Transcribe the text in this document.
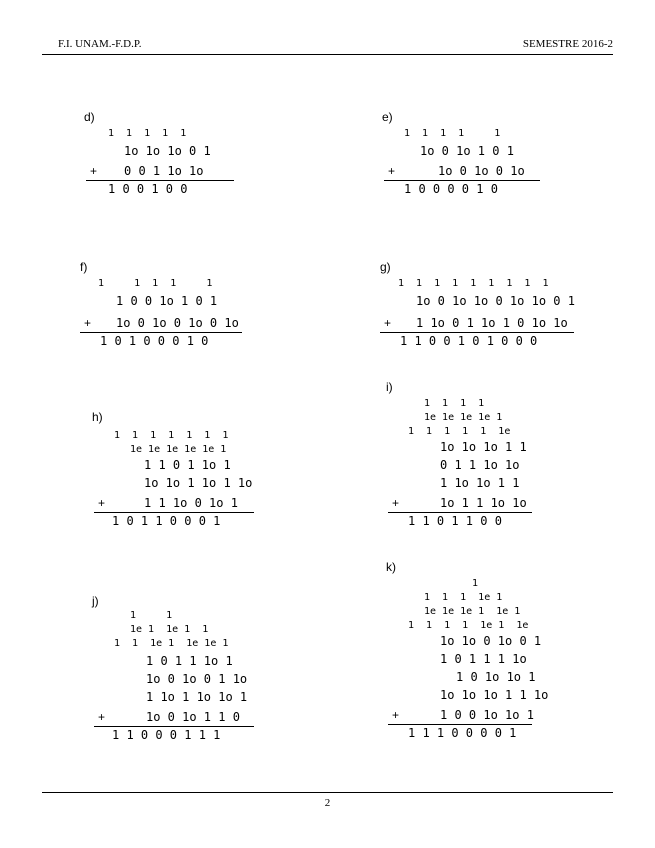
F.I. UNAM.-F.D.P.	SEMESTRE 2016-2
d)
1  1  1  1  1
1o 1o 1o 0 1
+ 0 0 1 1o 1o
1 0 0 1 0 0
e)
1  1  1  1     1
1o 0 1o 1 0 1
+	1o 0 1o 0 1o
1 0 0 0 0 1 0
f)
1     1  1  1     1
1 0 0 1o 1 0 1
+ 1o 0 1o 0 1o 0 1o
1 0 1 0 0 0 1 0
g)
1  1  1  1  1  1  1  1  1
1o 0 1o 1o 0 1o 1o 0 1
+ 1 1o 0 1 1o 1 0 1o 1o
1 1 0 0 1 0 1 0 0 0
h)
1  1  1  1  1  1  1
1e 1e 1e 1e 1e 1
1 1 0 1 1o 1
1o 1o 1 1o 1 1o
+	1 1 1o 0 1o 1
1 0 1 1 0 0 0 1
i)
1  1  1  1
1e 1e 1e 1e 1
1  1  1  1  1  1e
1o 1o 1o 1 1
0 1 1 1o 1o
1 1o 1o 1 1
+	1o 1 1 1o 1o
1 1 0 1 1 0 0
j)
1     1
1e 1  1e 1  1
1  1  1e 1  1e 1e 1
1 0 1 1 1o 1
1o 0 1o 0 1 1o
1 1o 1 1o 1o 1
+	1o 0 1o 1 1 0
1 1 0 0 0 1 1 1
k)
1
1  1  1  1e 1
1e 1e 1e 1  1e 1
1  1  1  1  1e 1  1e
1o 1o 0 1o 0 1
1 0 1 1 1 1o
1 0 1o 1o 1
1o 1o 1o 1 1 1o
+	1 0 0 1o 1o 1
1 1 1 0 0 0 0 1
2
